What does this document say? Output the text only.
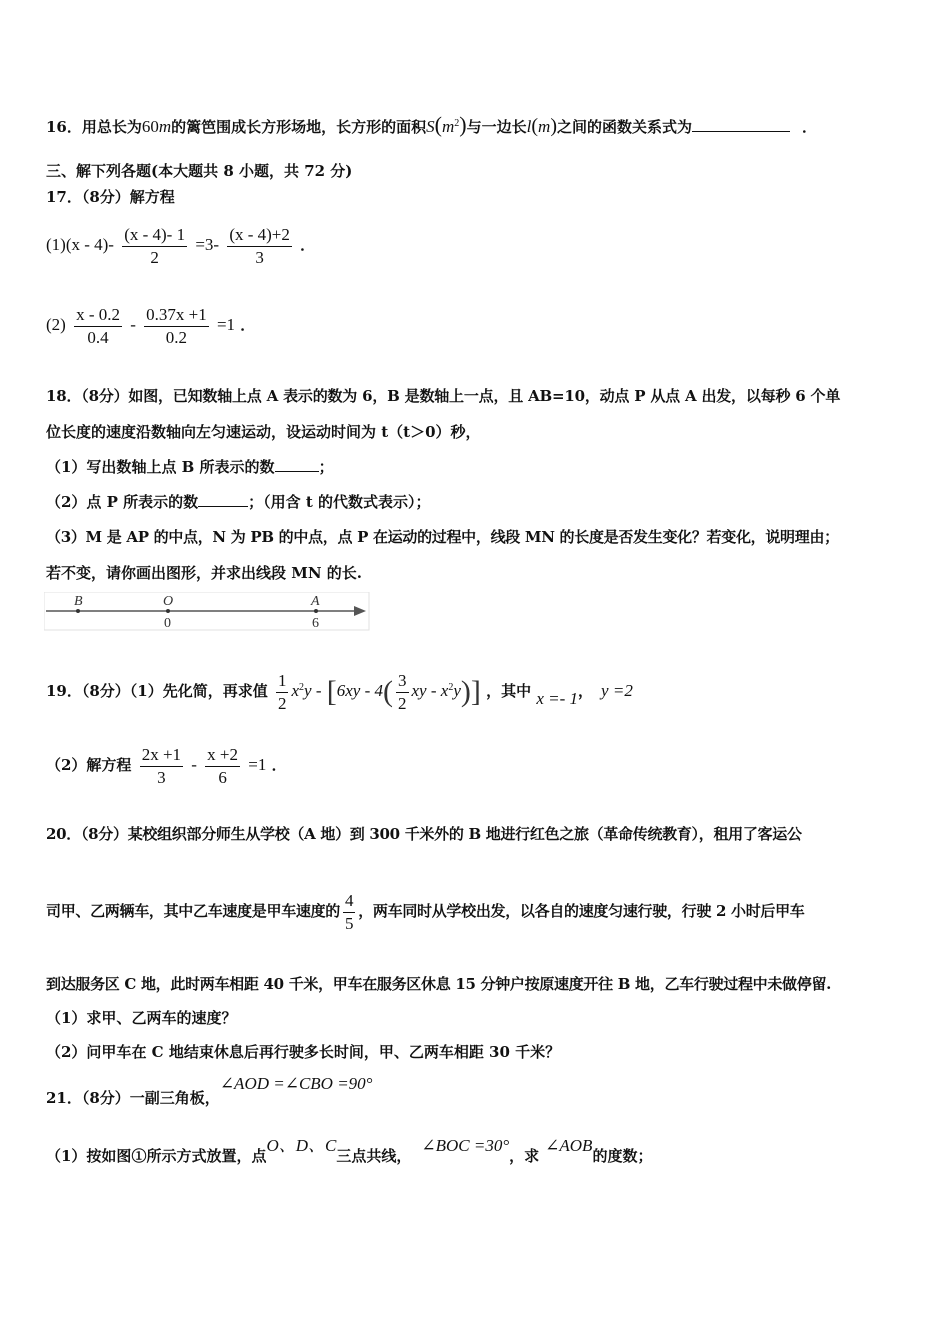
16．用总长为60m的篱笆围成长方形场地，长方形的面积$S(m^2)$与一边长l(m)之间的函数关系式为	．
三、解下列各题(本大题共 8 小题，共 72 分)
17．（8分）解方程
$(1)(x - 4)- \frac{(x - 4)- 1}{2} =3- \frac{(x - 4)+2}{3}$ ．
$(2) \frac{x - 0.2}{0.4} - \frac{0.37x +1}{0.2} =1$ ．
18．（8分）如图，已知数轴上点 A 表示的数为 6，B 是数轴上一点，且 AB=10，动点 P 从点 A 出发，以每秒 6 个单
位长度的速度沿数轴向左匀速运动，设运动时间为 t（t＞0）秒，
（1）写出数轴上点 B 所表示的数	；
（2）点 P 所表示的数	；（用含 t 的代数式表示）；
（3）M 是 AP 的中点，N 为 PB 的中点，点 P 在运动的过程中，线段 MN 的长度是否发生变化？若变化，说明理由；
若不变，请你画出图形，并求出线段 MN 的长.
B	O	A
0	6
19．（8分）（1）先化简，再求值 $\frac{1}{2} x^2y - [6xy - 4( \frac{3}{2}$ xy - $x^2y$)] ，其中 x =- 1， y =2
（2）解方程 $\frac{2x +1}{3} - \frac{x +2}{6} =1$ ．
20．（8分）某校组织部分师生从学校（A 地）到 300 千米外的 B 地进行红色之旅（革命传统教育），租用了客运公
司甲、乙两辆车，其中乙车速度是甲车速度的 $\frac{4}{5}$ ，两车同时从学校出发，以各自的速度匀速行驶，行驶 2 小时后甲车
到达服务区 C 地，此时两车相距 40 千米，甲车在服务区休息 15 分钟户按原速度开往 B 地，乙车行驶过程中未做停留.
（1）求甲、乙两车的速度？
（2）问甲车在 C 地结束休息后再行驶多长时间，甲、乙两车相距 30 千米？
21．（8分）一副三角板，∠AOD =∠CBO =90°
（1）按如图①所示方式放置，点O、D、C三点共线，∠BOC =30°，求∠AOB的度数；
